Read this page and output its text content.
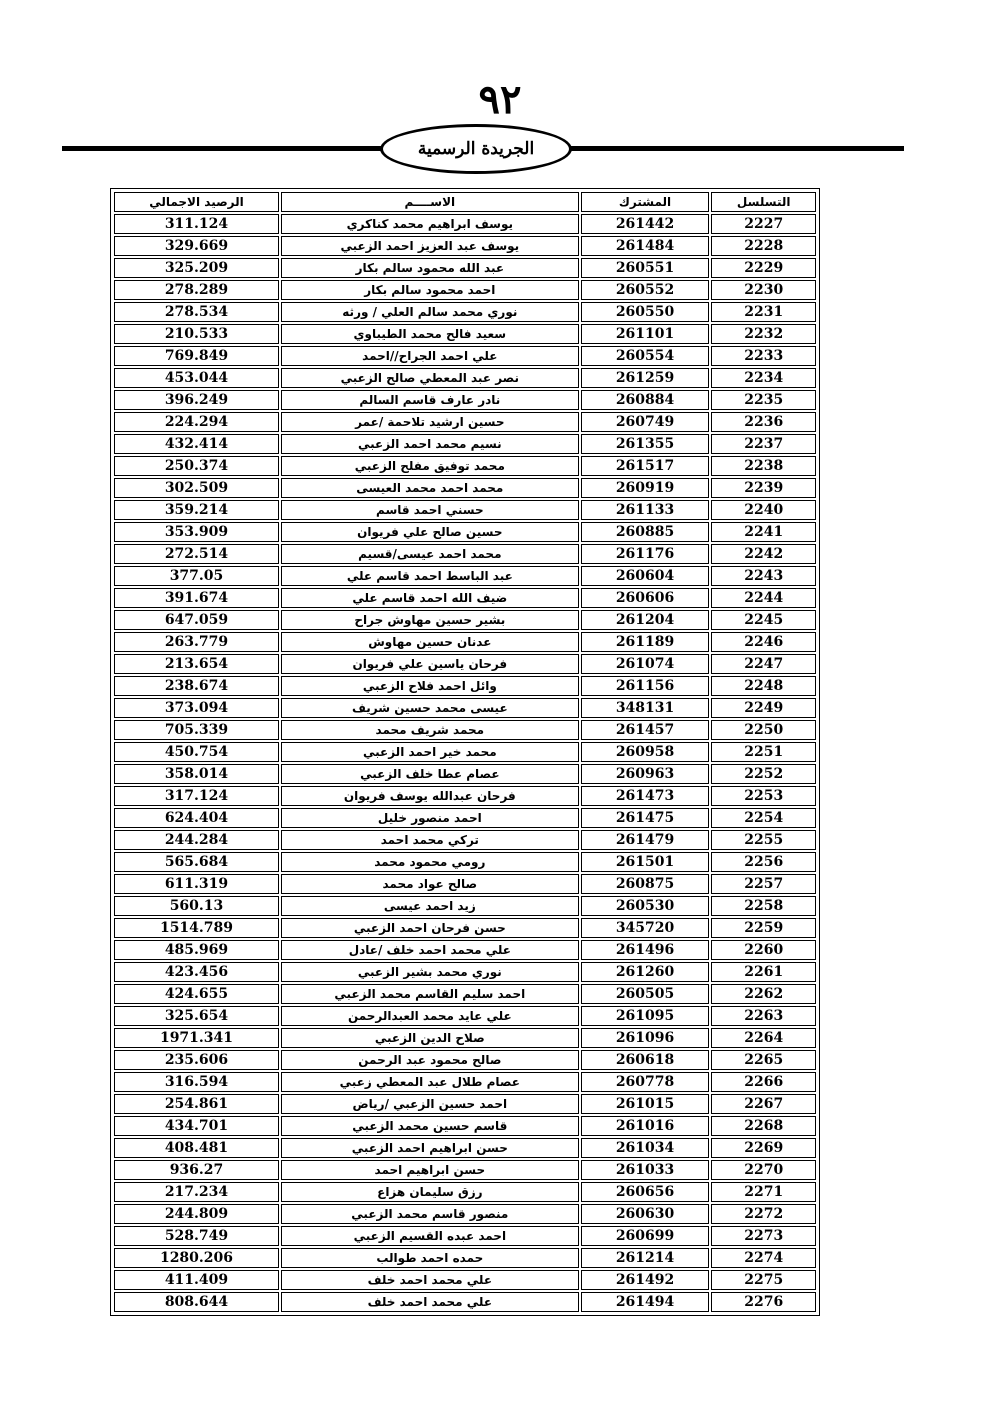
٩٢
الجريدة الرسمية
التسلسل	المشترك	الاســــم	الرصيد الاجمالي
2227	261442	يوسف ابراهيم محمد كناكري	311.124
2228	261484	يوسف عبد العزيز احمد الزعبي	329.669
2229	260551	عبد الله محمود سالم بكار	325.209
2230	260552	احمد محمود سالم بكار	278.289
2231	260550	نوري محمد سالم العلي / ورثه	278.534
2232	261101	سعيد فالح محمد الطيباوي	210.533
2233	260554	علي احمد الجراح//احمد	769.849
2234	261259	نصر عبد المعطي صالح الزعبي	453.044
2235	260884	نادر عارف قاسم السالم	396.249
2236	260749	حسين ارشيد تلاحمة /عمر	224.294
2237	261355	نسيم محمد احمد الزعبي	432.414
2238	261517	محمد توفيق مفلح الزعبي	250.374
2239	260919	محمد احمد محمد العيسى	302.509
2240	261133	حسني احمد قاسم	359.214
2241	260885	حسين صالح علي فريوان	353.909
2242	261176	محمد احمد عيسى/قسيم	272.514
2243	260604	عبد الباسط احمد قاسم علي	377.05
2244	260606	ضيف الله احمد قاسم علي	391.674
2245	261204	بشير حسين مهاوش جراح	647.059
2246	261189	عدنان حسين مهاوش	263.779
2247	261074	فرحان ياسين علي فريوان	213.654
2248	261156	وائل احمد فلاح الزعبي	238.674
2249	348131	عيسى محمد حسين شريف	373.094
2250	261457	محمد شريف محمد	705.339
2251	260958	محمد خير احمد الزعبي	450.754
2252	260963	عصام عطا خلف الزعبي	358.014
2253	261473	فرحان عبدالله يوسف فريوان	317.124
2254	261475	احمد منصور خليل	624.404
2255	261479	تركي محمد احمد	244.284
2256	261501	رومي محمود محمد	565.684
2257	260875	صالح عواد محمد	611.319
2258	260530	زيد احمد عيسى	560.13
2259	345720	حسن فرحان احمد الزعبي	1514.789
2260	261496	علي محمد احمد خلف /عادل	485.969
2261	261260	نوري محمد بشير الزعبي	423.456
2262	260505	احمد سليم القاسم محمد الزعبي	424.655
2263	261095	علي عايد محمد العبدالرحمن	325.654
2264	261096	صلاح الدين الزعبي	1971.341
2265	260618	صالح محمود عبد الرحمن	235.606
2266	260778	عصام طلال عبد المعطي زعبي	316.594
2267	261015	احمد حسين الزعبي /رياض	254.861
2268	261016	قاسم حسين محمد الزعبي	434.701
2269	261034	حسن ابراهيم احمد الزعبي	408.481
2270	261033	حسن ابراهيم احمد	936.27
2271	260656	رزق سليمان هزاع	217.234
2272	260630	منصور قاسم محمد الزعبي	244.809
2273	260699	احمد عبده القسيم الزعبي	528.749
2274	261214	حمده احمد طوالب	1280.206
2275	261492	علي محمد احمد خلف	411.409
2276	261494	علي محمد احمد خلف	808.644
